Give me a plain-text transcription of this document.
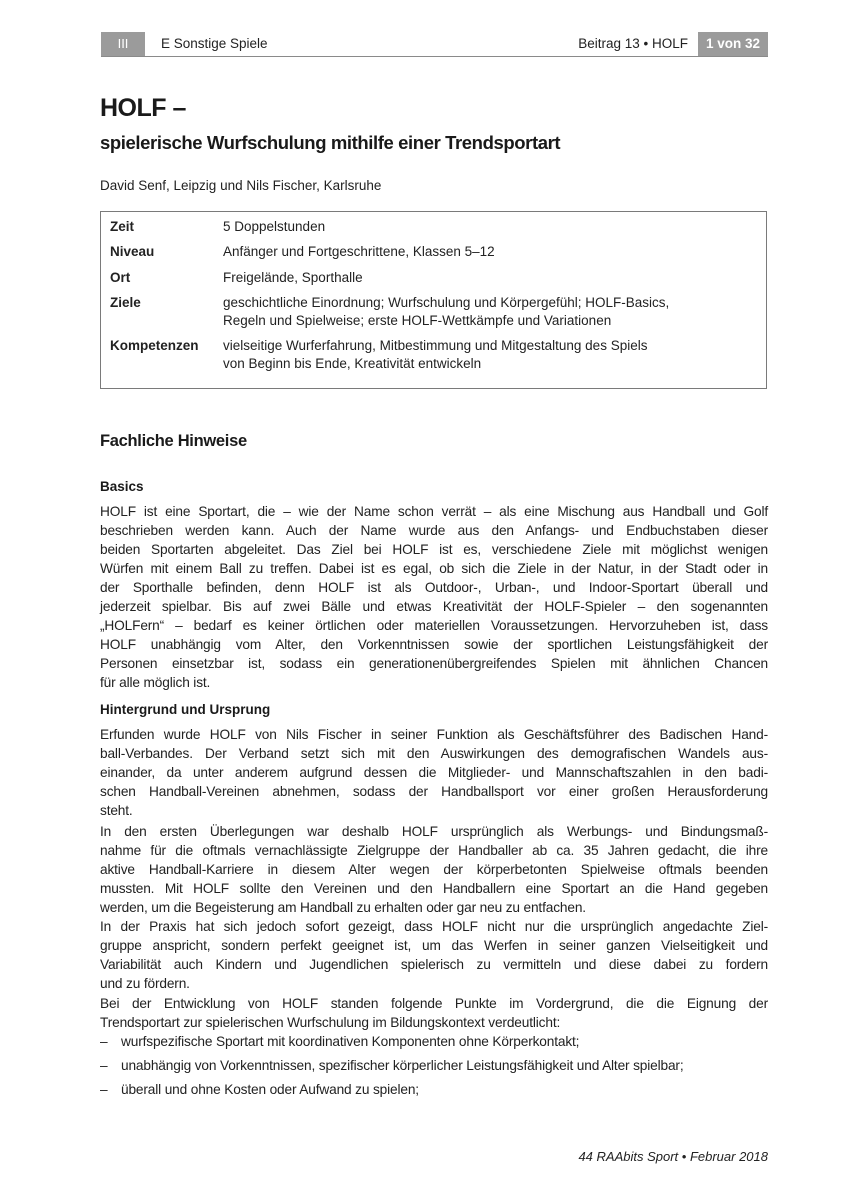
III	E Sonstige Spiele	Beitrag 13 • HOLF	1 von 32
HOLF –
spielerische Wurfschulung mithilfe einer Trendsportart
David Senf, Leipzig und Nils Fischer, Karlsruhe
Zeit	5 Doppelstunden
Niveau	Anfänger und Fortgeschrittene, Klassen 5–12
Ort	Freigelände, Sporthalle
Ziele	geschichtliche Einordnung; Wurfschulung und Körpergefühl; HOLF-Basics,
Regeln und Spielweise; erste HOLF-Wettkämpfe und Variationen
Kompetenzen	vielseitige Wurferfahrung, Mitbestimmung und Mitgestaltung des Spiels
von Beginn bis Ende, Kreativität entwickeln
Fachliche Hinweise
Basics
HOLF ist eine Sportart, die – wie der Name schon verrät – als eine Mischung aus Handball und Golf
beschrieben werden kann. Auch der Name wurde aus den Anfangs- und Endbuchstaben dieser
beiden Sportarten abgeleitet. Das Ziel bei HOLF ist es, verschiedene Ziele mit möglichst wenigen
Würfen mit einem Ball zu treffen. Dabei ist es egal, ob sich die Ziele in der Natur, in der Stadt oder in
der Sporthalle befinden, denn HOLF ist als Outdoor-, Urban-, und Indoor-Sportart überall und
jederzeit spielbar. Bis auf zwei Bälle und etwas Kreativität der HOLF-Spieler – den sogenannten
„HOLFern“ – bedarf es keiner örtlichen oder materiellen Voraussetzungen. Hervorzuheben ist, dass
HOLF unabhängig vom Alter, den Vorkenntnissen sowie der sportlichen Leistungsfähigkeit der
Personen einsetzbar ist, sodass ein generationenübergreifendes Spielen mit ähnlichen Chancen
für alle möglich ist.
Hintergrund und Ursprung
Erfunden wurde HOLF von Nils Fischer in seiner Funktion als Geschäftsführer des Badischen Hand-
ball-Verbandes. Der Verband setzt sich mit den Auswirkungen des demografischen Wandels aus-
einander, da unter anderem aufgrund dessen die Mitglieder- und Mannschaftszahlen in den badi-
schen Handball-Vereinen abnehmen, sodass der Handballsport vor einer großen Herausforderung
steht.
In den ersten Überlegungen war deshalb HOLF ursprünglich als Werbungs- und Bindungsmaß-
nahme für die oftmals vernachlässigte Zielgruppe der Handballer ab ca. 35 Jahren gedacht, die ihre
aktive Handball-Karriere in diesem Alter wegen der körperbetonten Spielweise oftmals beenden
mussten. Mit HOLF sollte den Vereinen und den Handballern eine Sportart an die Hand gegeben
werden, um die Begeisterung am Handball zu erhalten oder gar neu zu entfachen.
In der Praxis hat sich jedoch sofort gezeigt, dass HOLF nicht nur die ursprünglich angedachte Ziel-
gruppe anspricht, sondern perfekt geeignet ist, um das Werfen in seiner ganzen Vielseitigkeit und
Variabilität auch Kindern und Jugendlichen spielerisch zu vermitteln und diese dabei zu fordern
und zu fördern.
Bei der Entwicklung von HOLF standen folgende Punkte im Vordergrund, die die Eignung der
Trendsportart zur spielerischen Wurfschulung im Bildungskontext verdeutlicht:
– wurfspezifische Sportart mit koordinativen Komponenten ohne Körperkontakt;
– unabhängig von Vorkenntnissen, spezifischer körperlicher Leistungsfähigkeit und Alter spielbar;
– überall und ohne Kosten oder Aufwand zu spielen;
44 RAAbits Sport • Februar 2018
